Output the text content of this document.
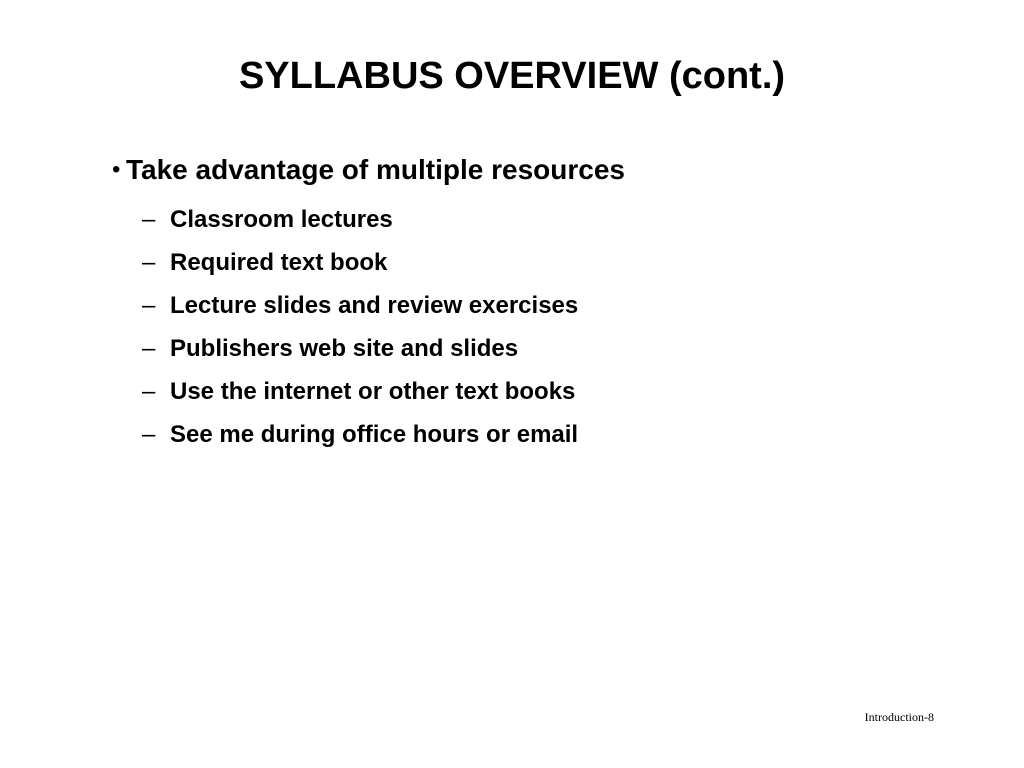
SYLLABUS OVERVIEW (cont.)
• Take advantage of multiple resources
– Classroom lectures
– Required text book
– Lecture slides and review exercises
– Publishers web site and slides
– Use the internet or other text books
– See me during office hours or email
Introduction-8
